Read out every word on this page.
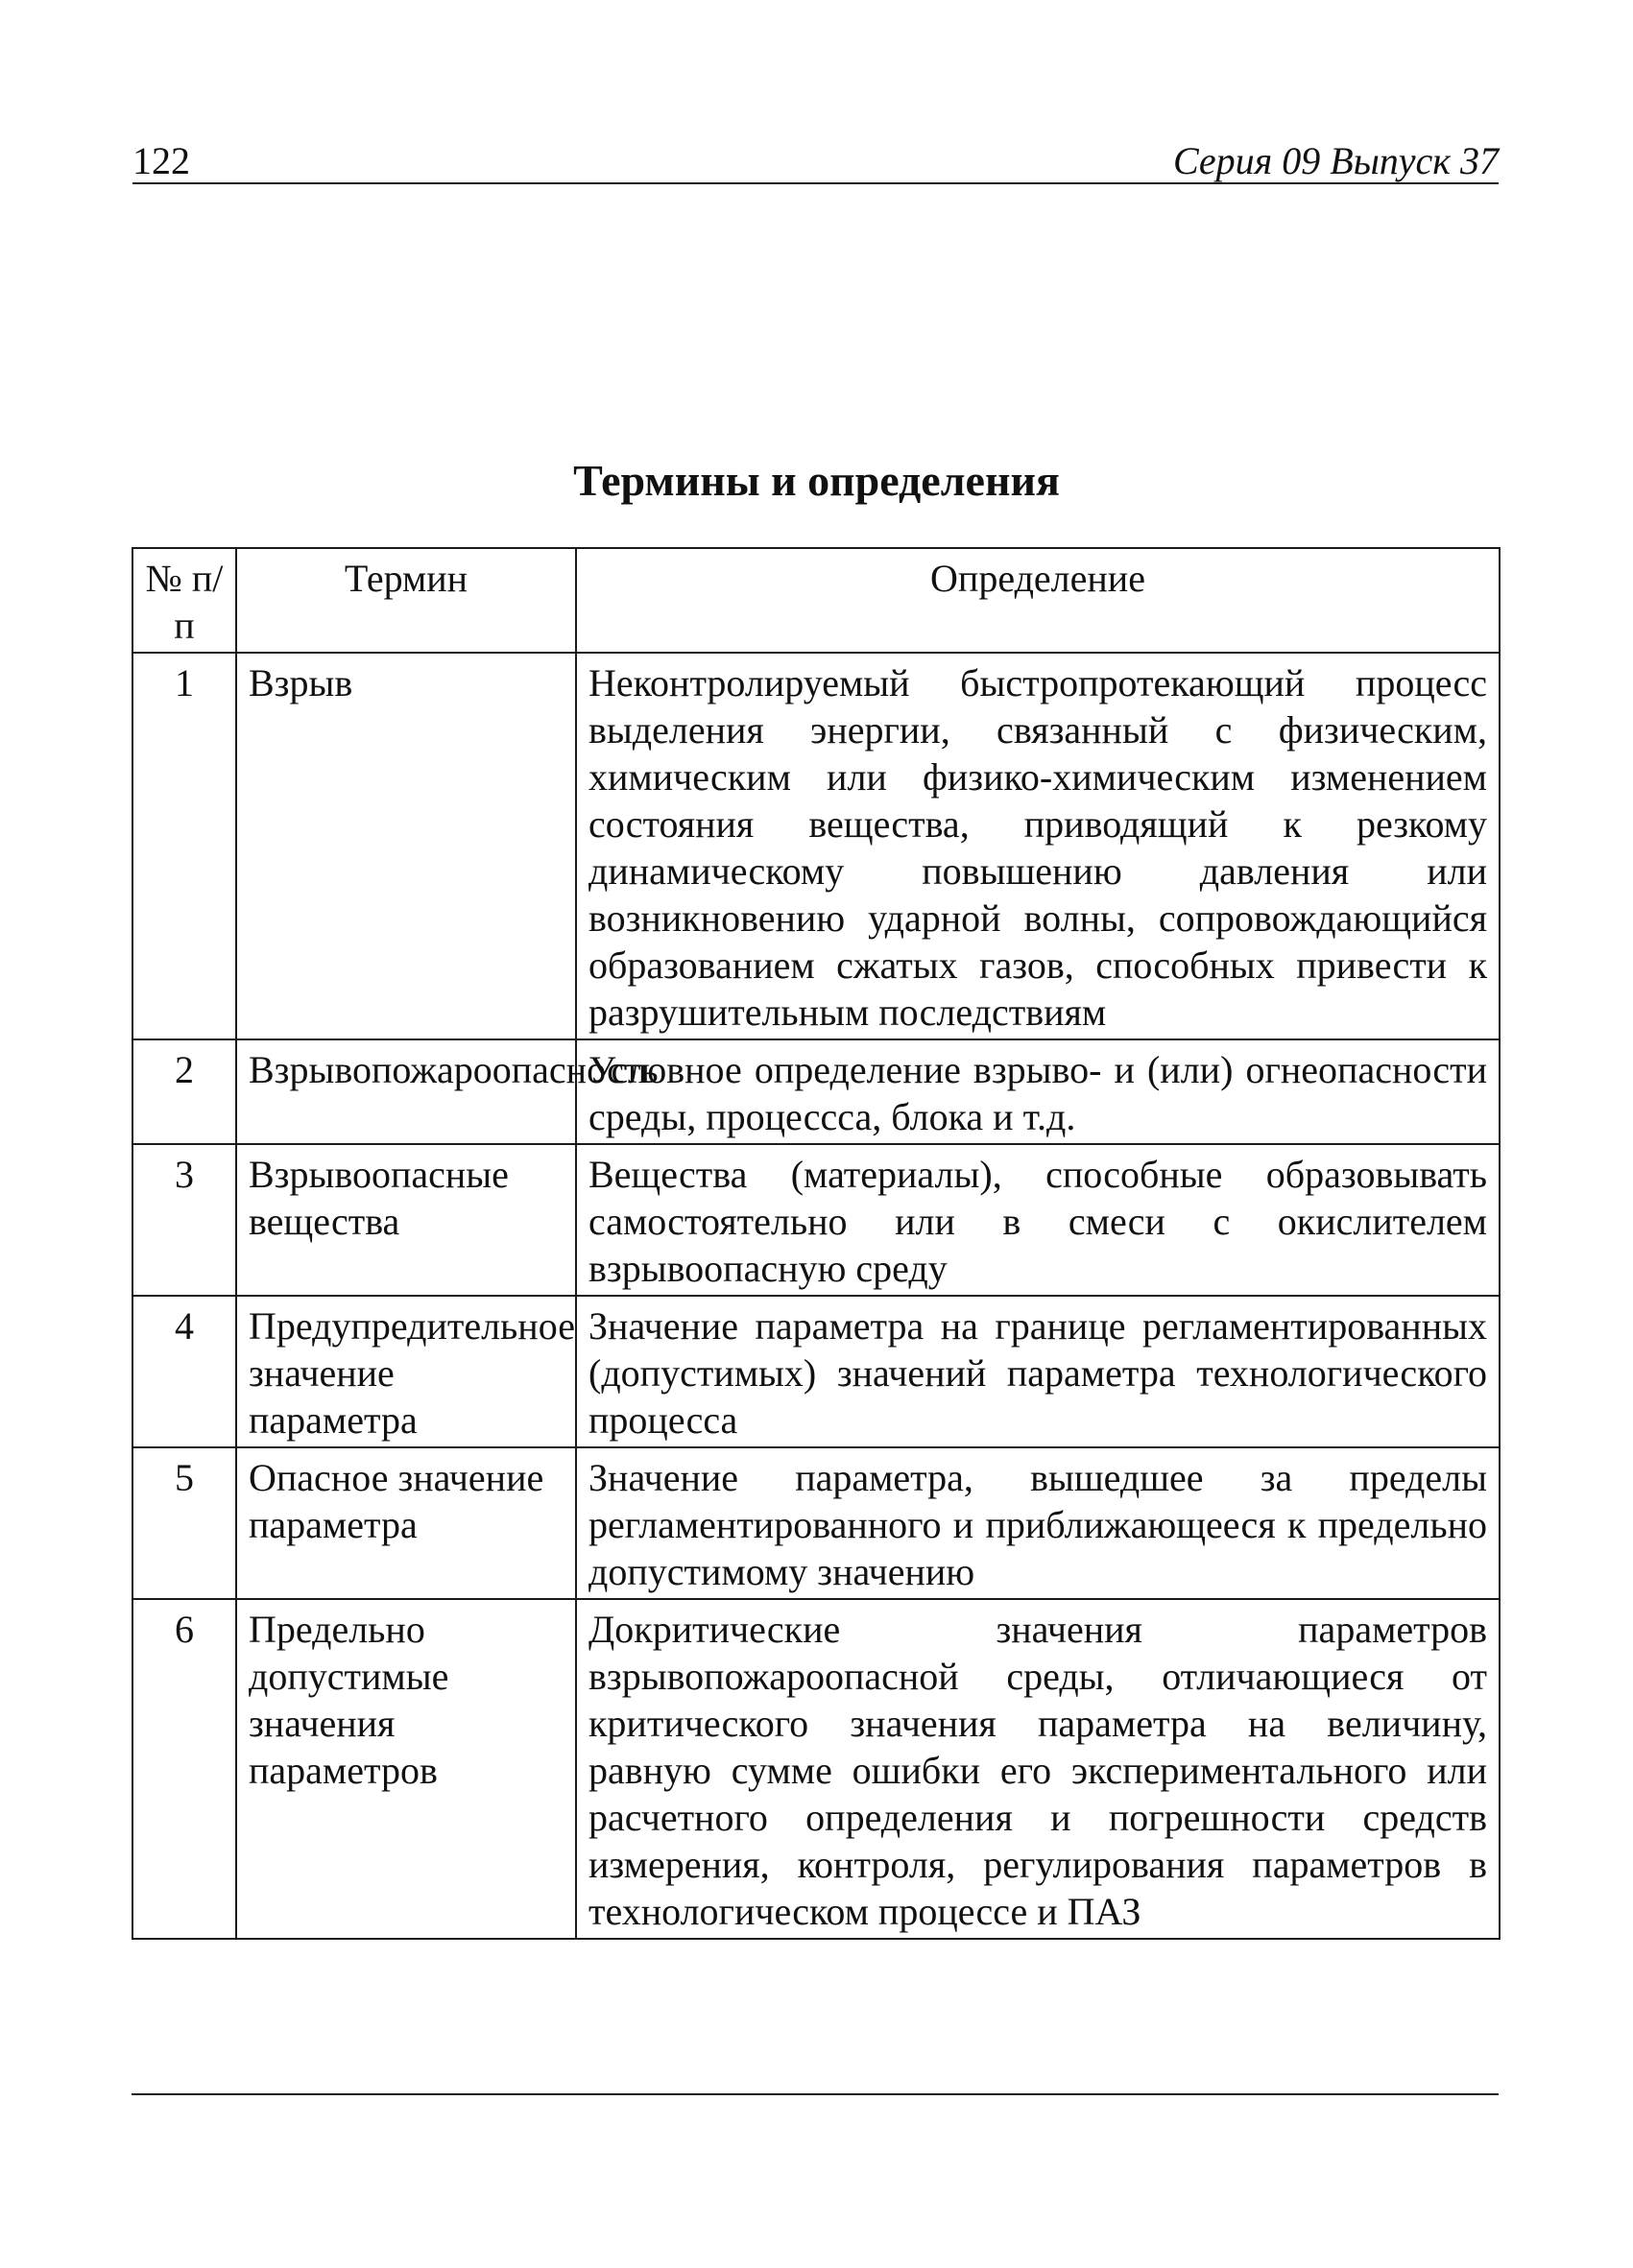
122	Серия 09 Выпуск 37
Термины и определения
№ п/п	Термин	Определение
1	Взрыв	Неконтролируемый быстропротекающий процесс выделения энергии, связанный с физическим, химическим или физико-химическим изменением состояния вещества, приводящий к резкому динамическому повышению давления или возникновению ударной волны, сопровождающийся образованием сжатых газов, способных привести к разрушительным последствиям
2	Взрывопожароопасность	Условное определение взрыво- и (или) огнеопасности среды, процессса, блока и т.д.
3	Взрывоопасные вещества	Вещества (материалы), способные образовывать самостоятельно или в смеси с окислителем взрывоопасную среду
4	Предупредительное значение параметра	Значение параметра на границе регламентированных (допустимых) значений параметра технологического процесса
5	Опасное значение параметра	Значение параметра, вышедшее за пределы регламентированного и приближающееся к предельно допустимому значению
6	Предельно допустимые значения параметров	Докритические значения параметров взрывопожароопасной среды, отличающиеся от критического значения параметра на величину, равную сумме ошибки его экспериментального или расчетного определения и погрешности средств измерения, контроля, регулирования параметров в технологическом процессе и ПАЗ
